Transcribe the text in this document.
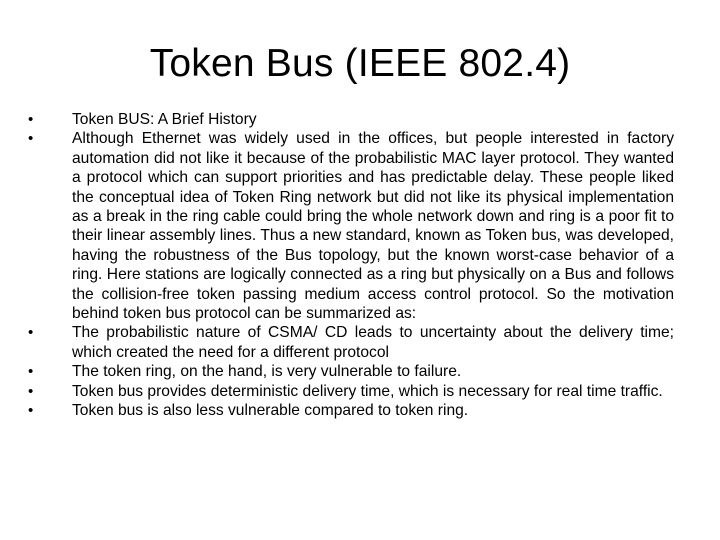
Token Bus (IEEE 802.4)
•	Token BUS: A Brief History
•	Although Ethernet was widely used in the offices, but people interested in factory automation did not like it because of the probabilistic MAC layer protocol. They wanted a protocol which can support priorities and has predictable delay. These people liked the conceptual idea of Token Ring network but did not like its physical implementation as a break in the ring cable could bring the whole network down and ring is a poor fit to their linear assembly lines. Thus a new standard, known as Token bus, was developed, having the robustness of the Bus topology, but the known worst-case behavior of a ring. Here stations are logically connected as a ring but physically on a Bus and follows the collision-free token passing medium access control protocol. So the motivation behind token bus protocol can be summarized as:
•	The probabilistic nature of CSMA/ CD leads to uncertainty about the delivery time; which created the need for a different protocol
•	The token ring, on the hand, is very vulnerable to failure.
•	Token bus provides deterministic delivery time, which is necessary for real time traffic.
•	Token bus is also less vulnerable compared to token ring.
